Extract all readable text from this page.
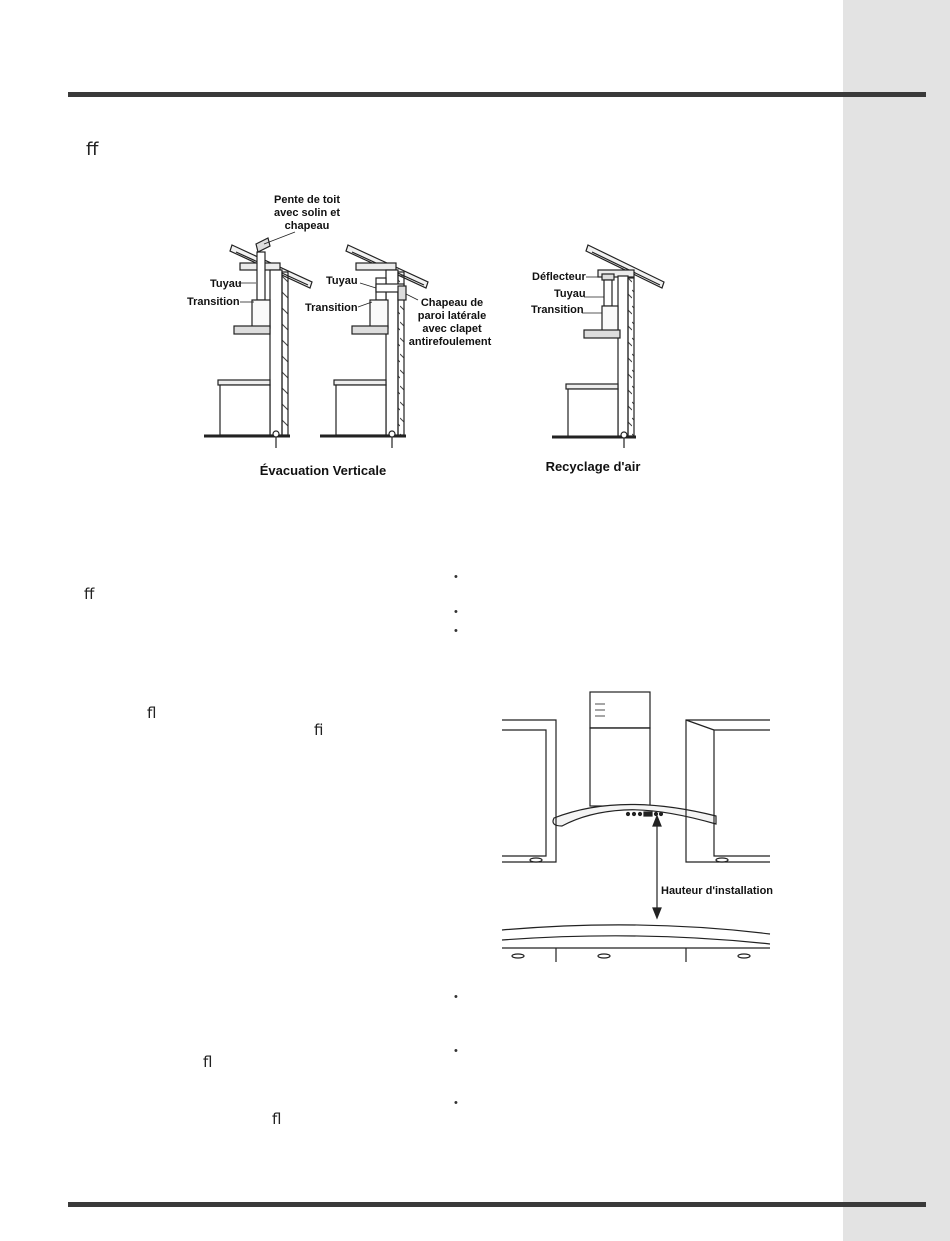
ff
ff
fl
fi
fl
fl
•
•
•
•
•
•
Tuyau
Transition
Pente de toit
avec solin et
chapeau
Tuyau
Transition	Chapeau de
paroi latérale
avec clapet
antirefoulement
Évacuation Verticale
Déflecteur
Tuyau
Transition
Recyclage d'air
Hauteur d'installation
